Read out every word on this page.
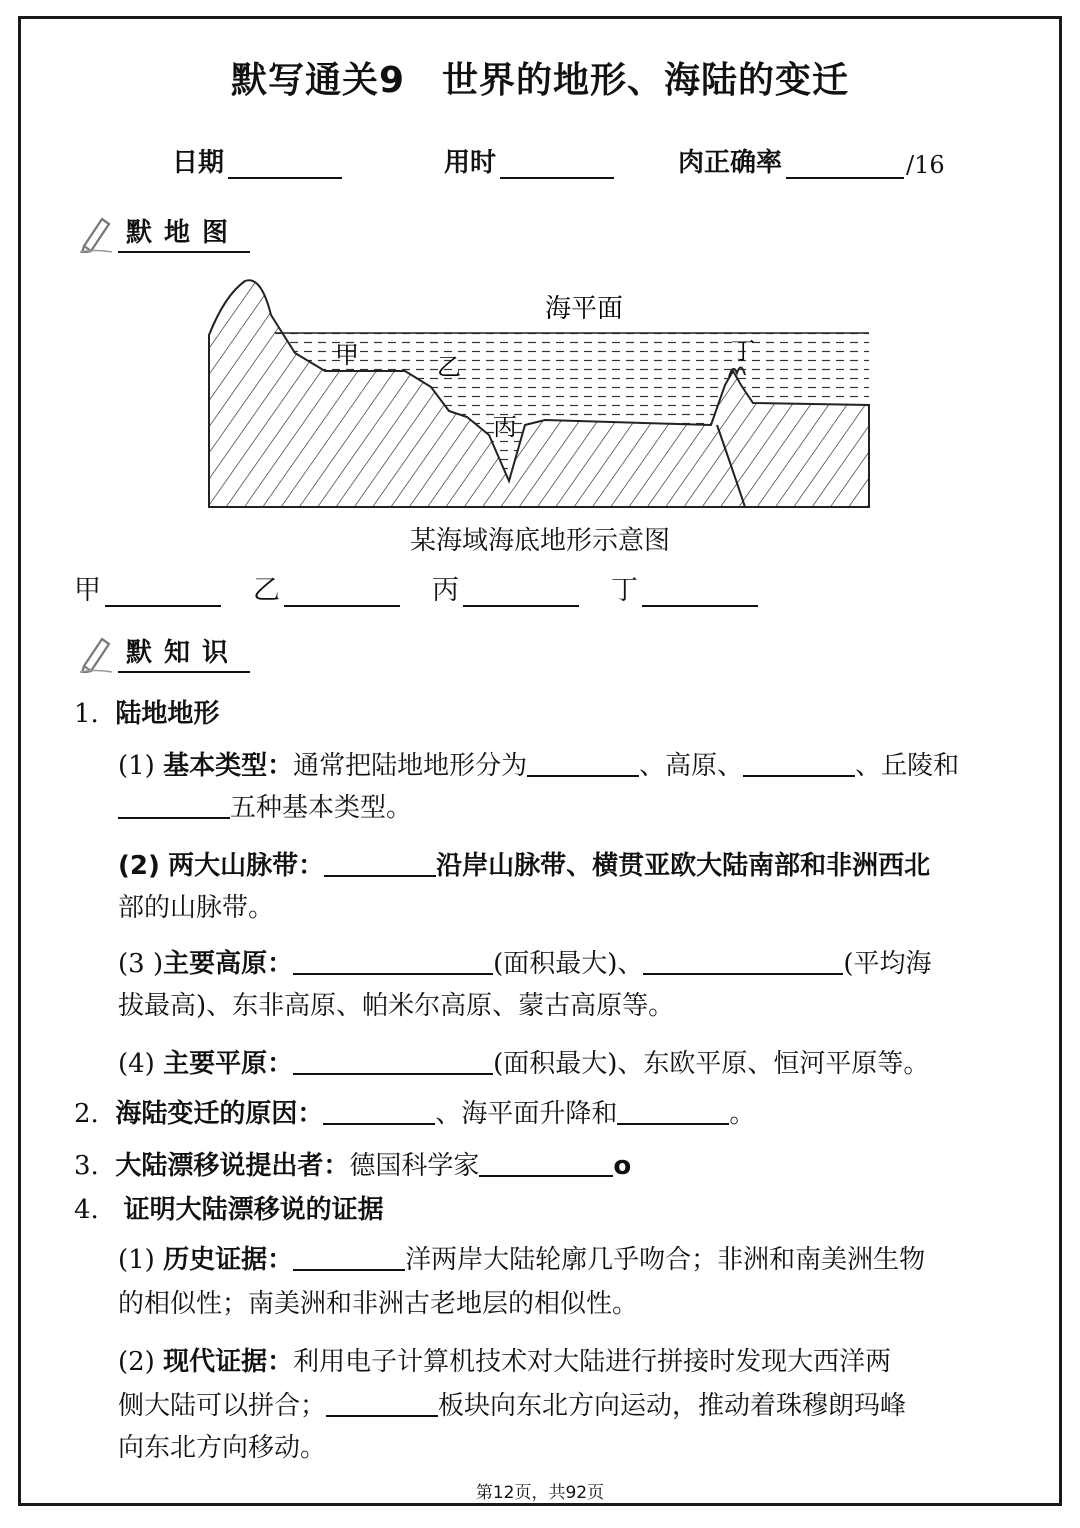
默写通关9　世界的地形、海陆的变迁
日期	用时	肉正确率	/16
默地图
海平面
甲	乙
丙
丁
某海域海底地形示意图
甲	乙	丙	丁
默知识
1. 陆地地形
(1) 基本类型：通常把陆地地形分为	、高原、	、丘陵和
五种基本类型。
(2) 两大山脉带：	沿岸山脉带、横贯亚欧大陆南部和非洲西北
部的山脉带。
(3 )主要高原：	(面积最大)、	(平均海
拔最高)、东非高原、帕米尔高原、蒙古高原等。
(4) 主要平原：	(面积最大)、东欧平原、恒河平原等。
2. 海陆变迁的原因：	、海平面升降和	。
3. 大陆漂移说提出者：德国科学家	o
4. 证明大陆漂移说的证据
(1) 历史证据：	洋两岸大陆轮廓几乎吻合；非洲和南美洲生物
的相似性；南美洲和非洲古老地层的相似性。
(2) 现代证据：利用电子计算机技术对大陆进行拼接时发现大西洋两
侧大陆可以拼合；	板块向东北方向运动，推动着珠穆朗玛峰
向东北方向移动。
第12页，共92页
